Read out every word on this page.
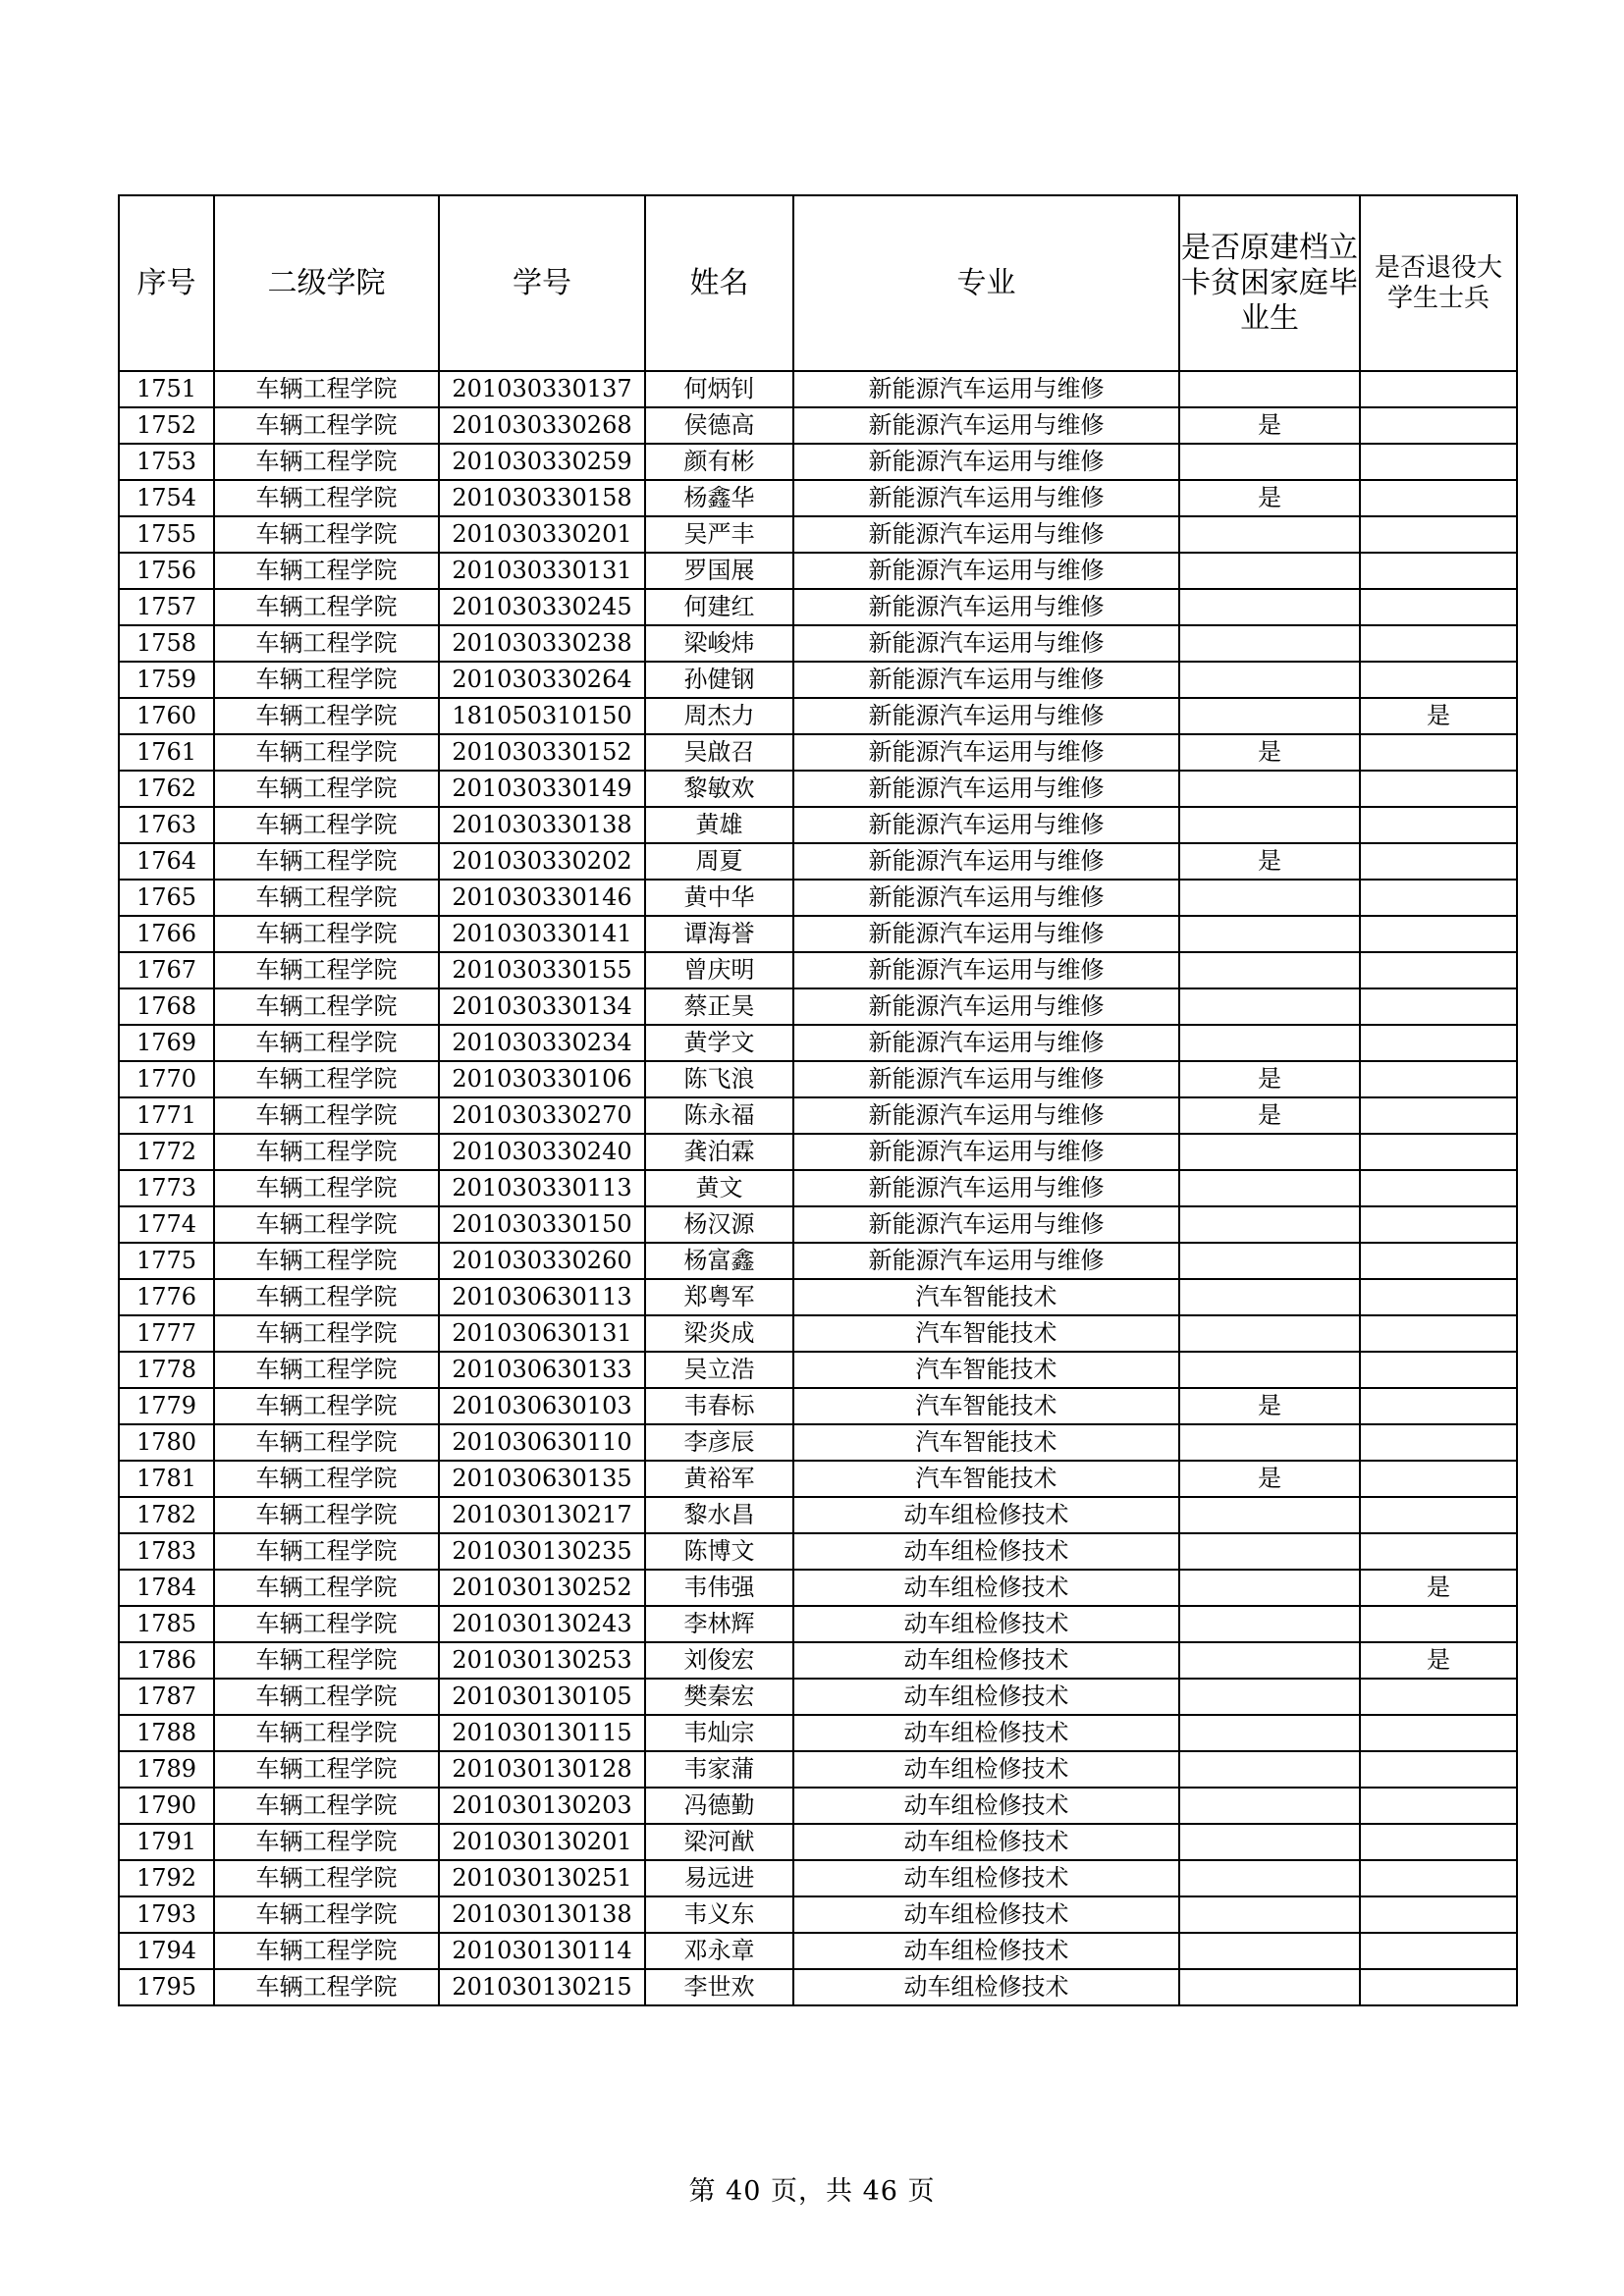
序号	二级学院	学号	姓名	专业	是否原建档立卡贫困家庭毕业生	是否退役大学生士兵
1751	车辆工程学院	201030330137	何炳钊	新能源汽车运用与维修		
1752	车辆工程学院	201030330268	侯德高	新能源汽车运用与维修	是	
1753	车辆工程学院	201030330259	颜有彬	新能源汽车运用与维修		
1754	车辆工程学院	201030330158	杨鑫华	新能源汽车运用与维修	是	
1755	车辆工程学院	201030330201	吴严丰	新能源汽车运用与维修		
1756	车辆工程学院	201030330131	罗国展	新能源汽车运用与维修		
1757	车辆工程学院	201030330245	何建红	新能源汽车运用与维修		
1758	车辆工程学院	201030330238	梁峻炜	新能源汽车运用与维修		
1759	车辆工程学院	201030330264	孙健钢	新能源汽车运用与维修		
1760	车辆工程学院	181050310150	周杰力	新能源汽车运用与维修		是
1761	车辆工程学院	201030330152	吴啟召	新能源汽车运用与维修	是	
1762	车辆工程学院	201030330149	黎敏欢	新能源汽车运用与维修		
1763	车辆工程学院	201030330138	黄雄	新能源汽车运用与维修		
1764	车辆工程学院	201030330202	周夏	新能源汽车运用与维修	是	
1765	车辆工程学院	201030330146	黄中华	新能源汽车运用与维修		
1766	车辆工程学院	201030330141	谭海誉	新能源汽车运用与维修		
1767	车辆工程学院	201030330155	曾庆明	新能源汽车运用与维修		
1768	车辆工程学院	201030330134	蔡正昊	新能源汽车运用与维修		
1769	车辆工程学院	201030330234	黄学文	新能源汽车运用与维修		
1770	车辆工程学院	201030330106	陈飞浪	新能源汽车运用与维修	是	
1771	车辆工程学院	201030330270	陈永福	新能源汽车运用与维修	是	
1772	车辆工程学院	201030330240	龚泊霖	新能源汽车运用与维修		
1773	车辆工程学院	201030330113	黄文	新能源汽车运用与维修		
1774	车辆工程学院	201030330150	杨汉源	新能源汽车运用与维修		
1775	车辆工程学院	201030330260	杨富鑫	新能源汽车运用与维修		
1776	车辆工程学院	201030630113	郑粤军	汽车智能技术		
1777	车辆工程学院	201030630131	梁炎成	汽车智能技术		
1778	车辆工程学院	201030630133	吴立浩	汽车智能技术		
1779	车辆工程学院	201030630103	韦春标	汽车智能技术	是	
1780	车辆工程学院	201030630110	李彦辰	汽车智能技术		
1781	车辆工程学院	201030630135	黄裕军	汽车智能技术	是	
1782	车辆工程学院	201030130217	黎水昌	动车组检修技术		
1783	车辆工程学院	201030130235	陈博文	动车组检修技术		
1784	车辆工程学院	201030130252	韦伟强	动车组检修技术		是
1785	车辆工程学院	201030130243	李林辉	动车组检修技术		
1786	车辆工程学院	201030130253	刘俊宏	动车组检修技术		是
1787	车辆工程学院	201030130105	樊秦宏	动车组检修技术		
1788	车辆工程学院	201030130115	韦灿宗	动车组检修技术		
1789	车辆工程学院	201030130128	韦家蒲	动车组检修技术		
1790	车辆工程学院	201030130203	冯德勤	动车组检修技术		
1791	车辆工程学院	201030130201	梁河猷	动车组检修技术		
1792	车辆工程学院	201030130251	易远进	动车组检修技术		
1793	车辆工程学院	201030130138	韦义东	动车组检修技术		
1794	车辆工程学院	201030130114	邓永章	动车组检修技术		
1795	车辆工程学院	201030130215	李世欢	动车组检修技术		
第 40 页，共 46 页
